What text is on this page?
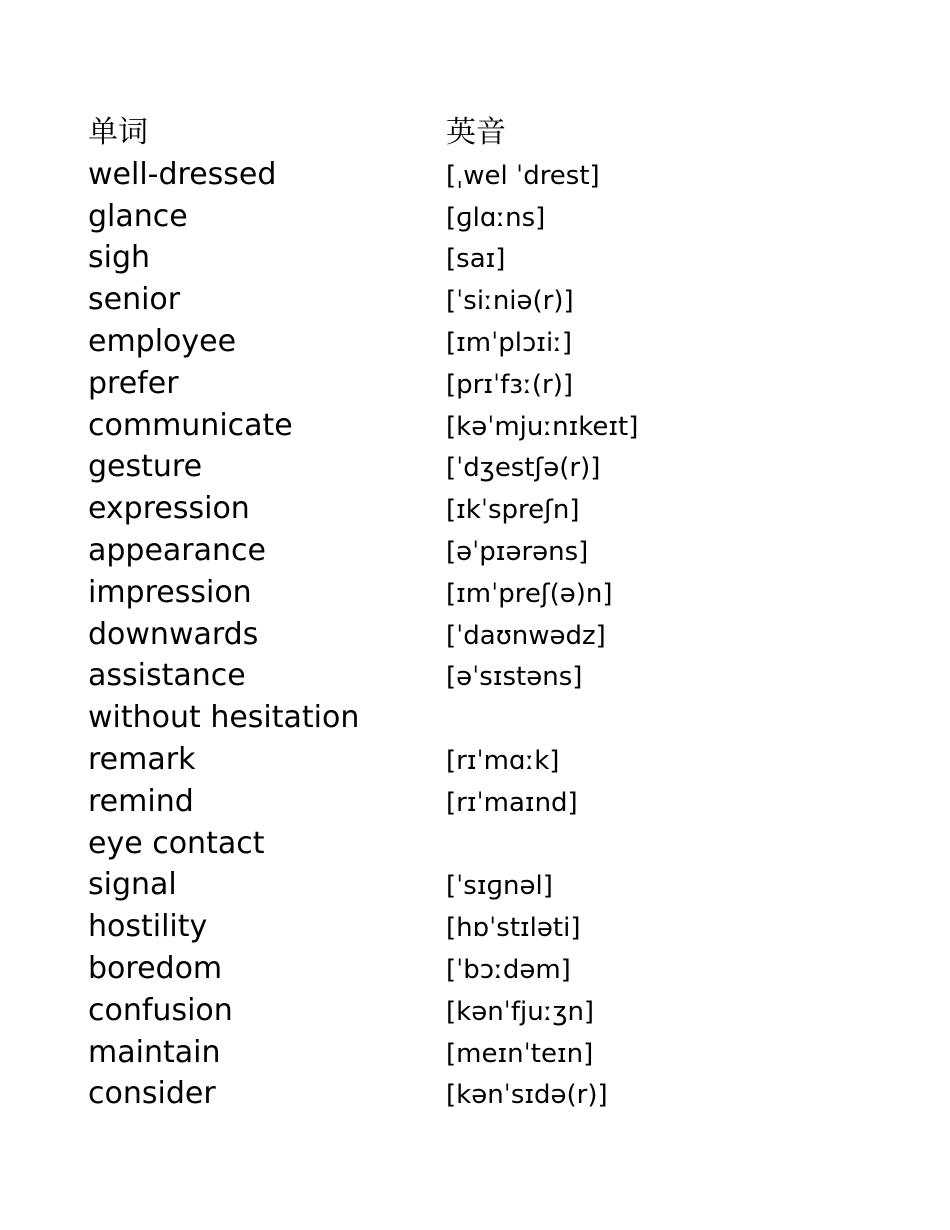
单词	英音
well-dressed	[ˌwel ˈdrest]
glance	[ɡlɑːns]
sigh	[saɪ]
senior	[ˈsiːniə(r)]
employee	[ɪmˈplɔɪiː]
prefer	[prɪˈfɜː(r)]
communicate	[kəˈmjuːnɪkeɪt]
gesture	[ˈdʒestʃə(r)]
expression	[ɪkˈspreʃn]
appearance	[əˈpɪərəns]
impression	[ɪmˈpreʃ(ə)n]
downwards	[ˈdaʊnwədz]
assistance	[əˈsɪstəns]
without hesitation
remark	[rɪˈmɑːk]
remind	[rɪˈmaɪnd]
eye contact
signal	[ˈsɪɡnəl]
hostility	[hɒˈstɪləti]
boredom	[ˈbɔːdəm]
confusion	[kənˈfjuːʒn]
maintain	[meɪnˈteɪn]
consider	[kənˈsɪdə(r)]
